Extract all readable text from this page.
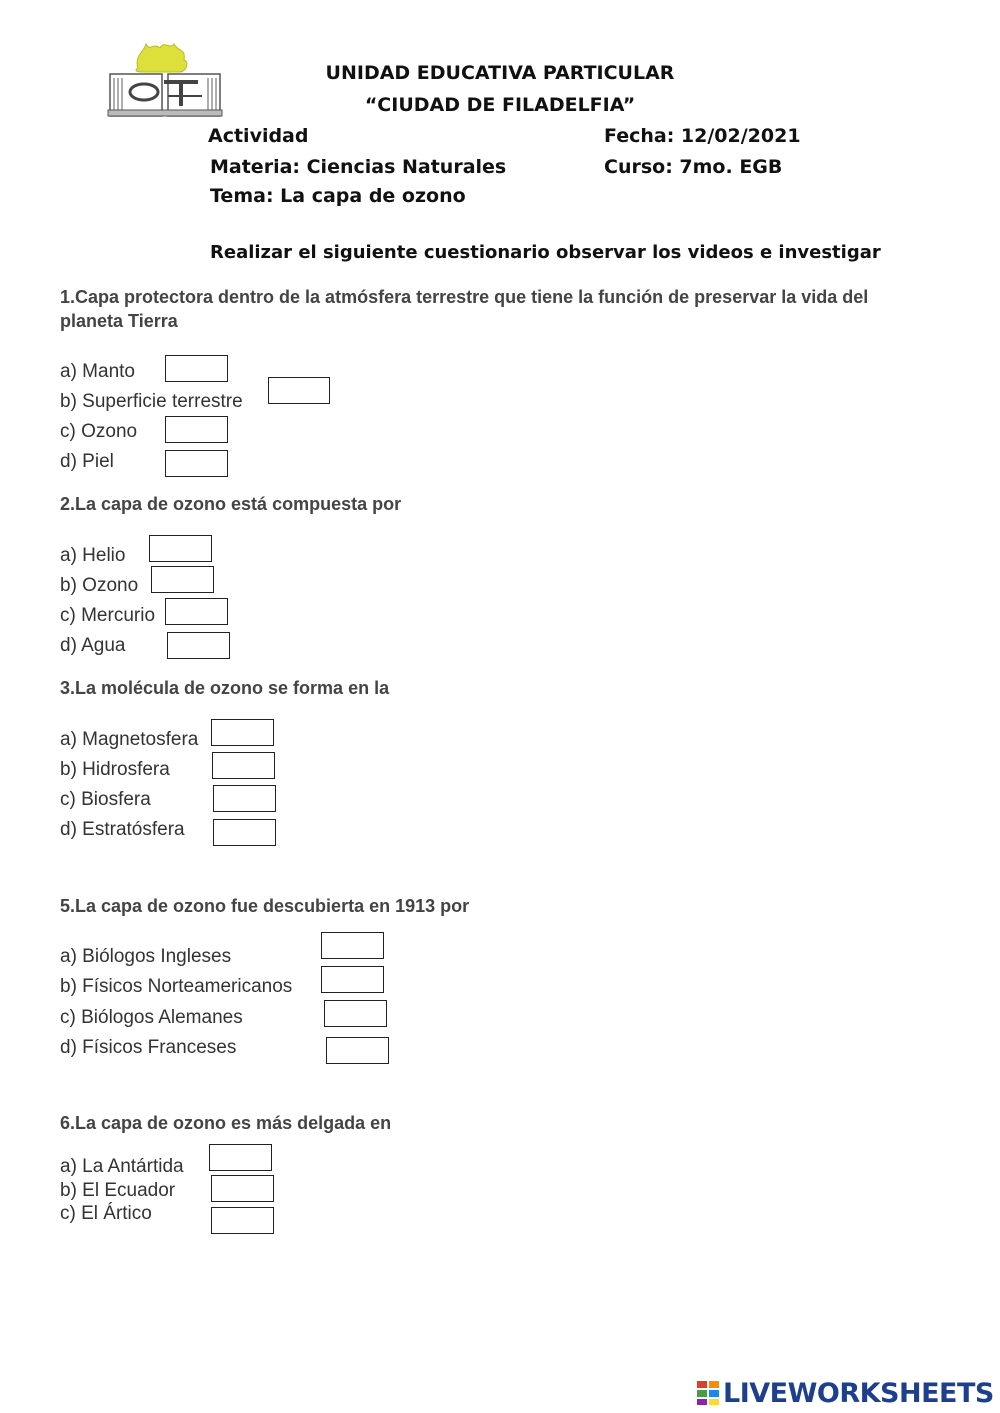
UNIDAD EDUCATIVA PARTICULAR
“CIUDAD DE FILADELFIA”
Actividad	Fecha: 12/02/2021
Materia: Ciencias Naturales	Curso: 7mo. EGB
Tema: La capa de ozono
Realizar el siguiente cuestionario observar los videos e investigar
1.Capa protectora dentro de la atmósfera terrestre que tiene la función de preservar la vida del planeta Tierra
a) Manto
b) Superficie terrestre
c) Ozono
d) Piel
2.La capa de ozono está compuesta por
a) Helio
b) Ozono
c) Mercurio
d) Agua
3.La molécula de ozono se forma en la
a) Magnetosfera
b) Hidrosfera
c) Biosfera
d) Estratósfera
5.La capa de ozono fue descubierta en 1913 por
a) Biólogos Ingleses
b) Físicos Norteamericanos
c) Biólogos Alemanes
d) Físicos Franceses
6.La capa de ozono es más delgada en
a) La Antártida
b) El Ecuador
c) El Ártico
LIVEWORKSHEETS
